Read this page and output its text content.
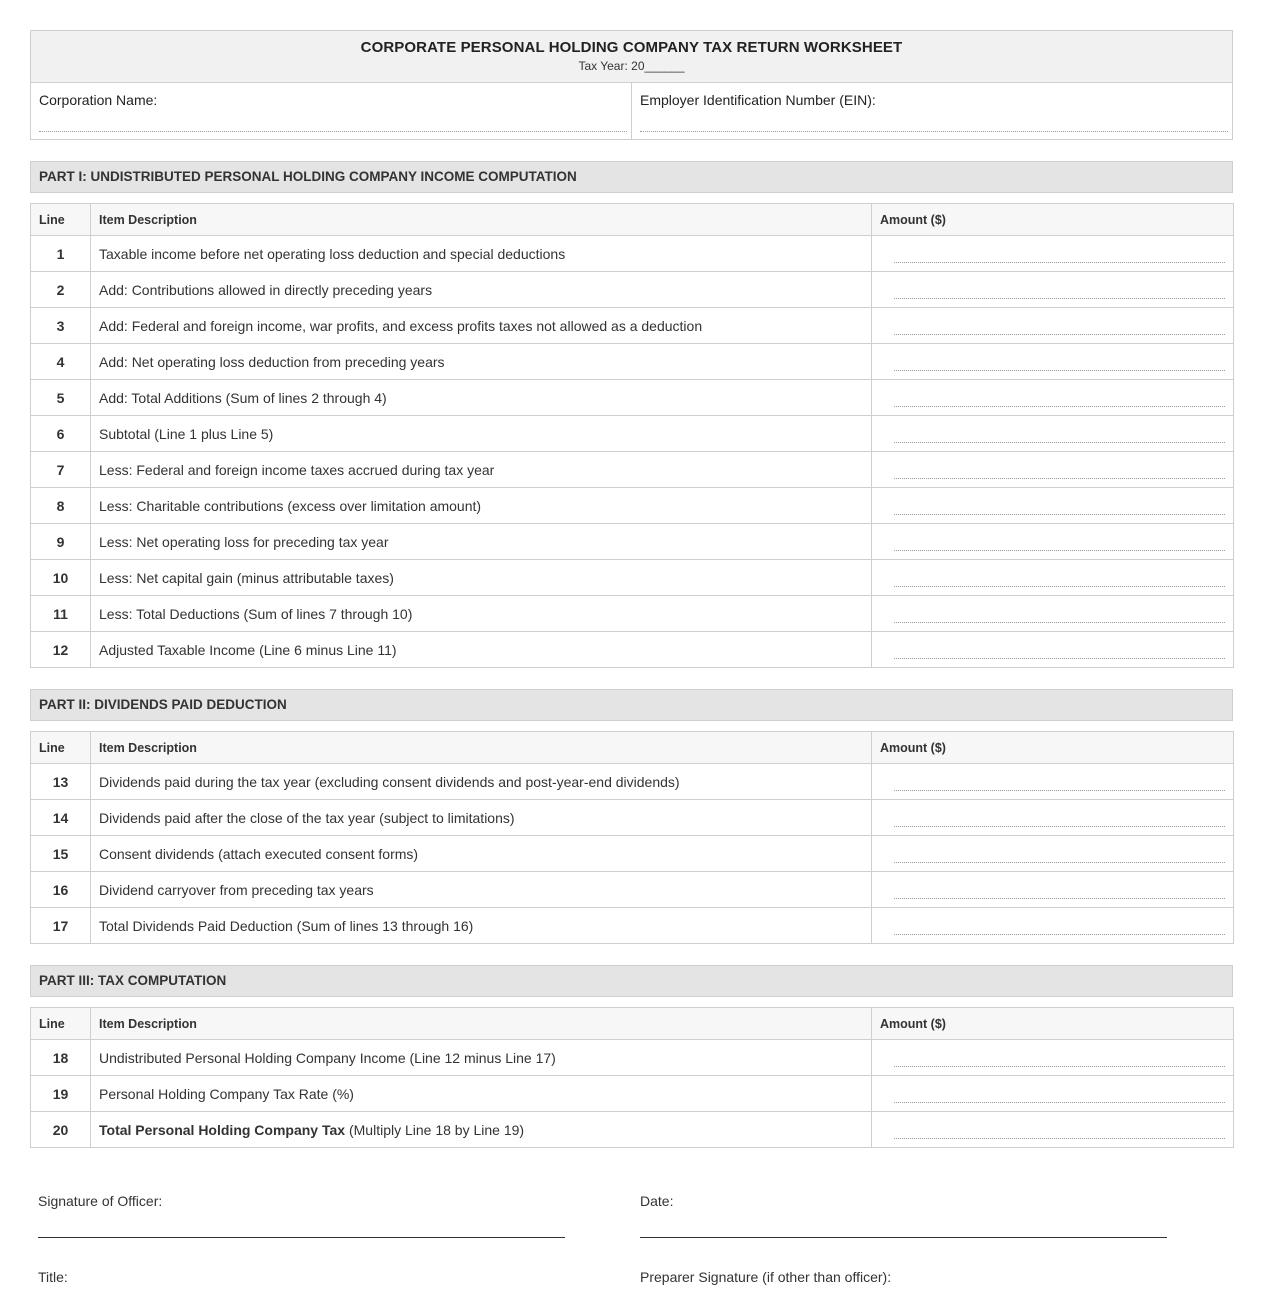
CORPORATE PERSONAL HOLDING COMPANY TAX RETURN WORKSHEET
Tax Year: 20______
Corporation Name:	Employer Identification Number (EIN):
PART I: UNDISTRIBUTED PERSONAL HOLDING COMPANY INCOME COMPUTATION
Line	Item Description	Amount ($)
1	Taxable income before net operating loss deduction and special deductions	

2	Add: Contributions allowed in directly preceding years	

3	Add: Federal and foreign income, war profits, and excess profits taxes not allowed as a deduction	

4	Add: Net operating loss deduction from preceding years	

5	Add: Total Additions (Sum of lines 2 through 4)	

6	Subtotal (Line 1 plus Line 5)	

7	Less: Federal and foreign income taxes accrued during tax year	

8	Less: Charitable contributions (excess over limitation amount)	

9	Less: Net operating loss for preceding tax year	

10	Less: Net capital gain (minus attributable taxes)	

11	Less: Total Deductions (Sum of lines 7 through 10)	

12	Adjusted Taxable Income (Line 6 minus Line 11)	
PART II: DIVIDENDS PAID DEDUCTION
Line	Item Description	Amount ($)
13	Dividends paid during the tax year (excluding consent dividends and post-year-end dividends)	

14	Dividends paid after the close of the tax year (subject to limitations)	

15	Consent dividends (attach executed consent forms)	

16	Dividend carryover from preceding tax years	

17	Total Dividends Paid Deduction (Sum of lines 13 through 16)	
PART III: TAX COMPUTATION
Line	Item Description	Amount ($)
18	Undistributed Personal Holding Company Income (Line 12 minus Line 17)	

19	Personal Holding Company Tax Rate (%)	

20	Total Personal Holding Company Tax (Multiply Line 18 by Line 19)	
Signature of Officer:	Date:
Title:	Preparer Signature (if other than officer):
